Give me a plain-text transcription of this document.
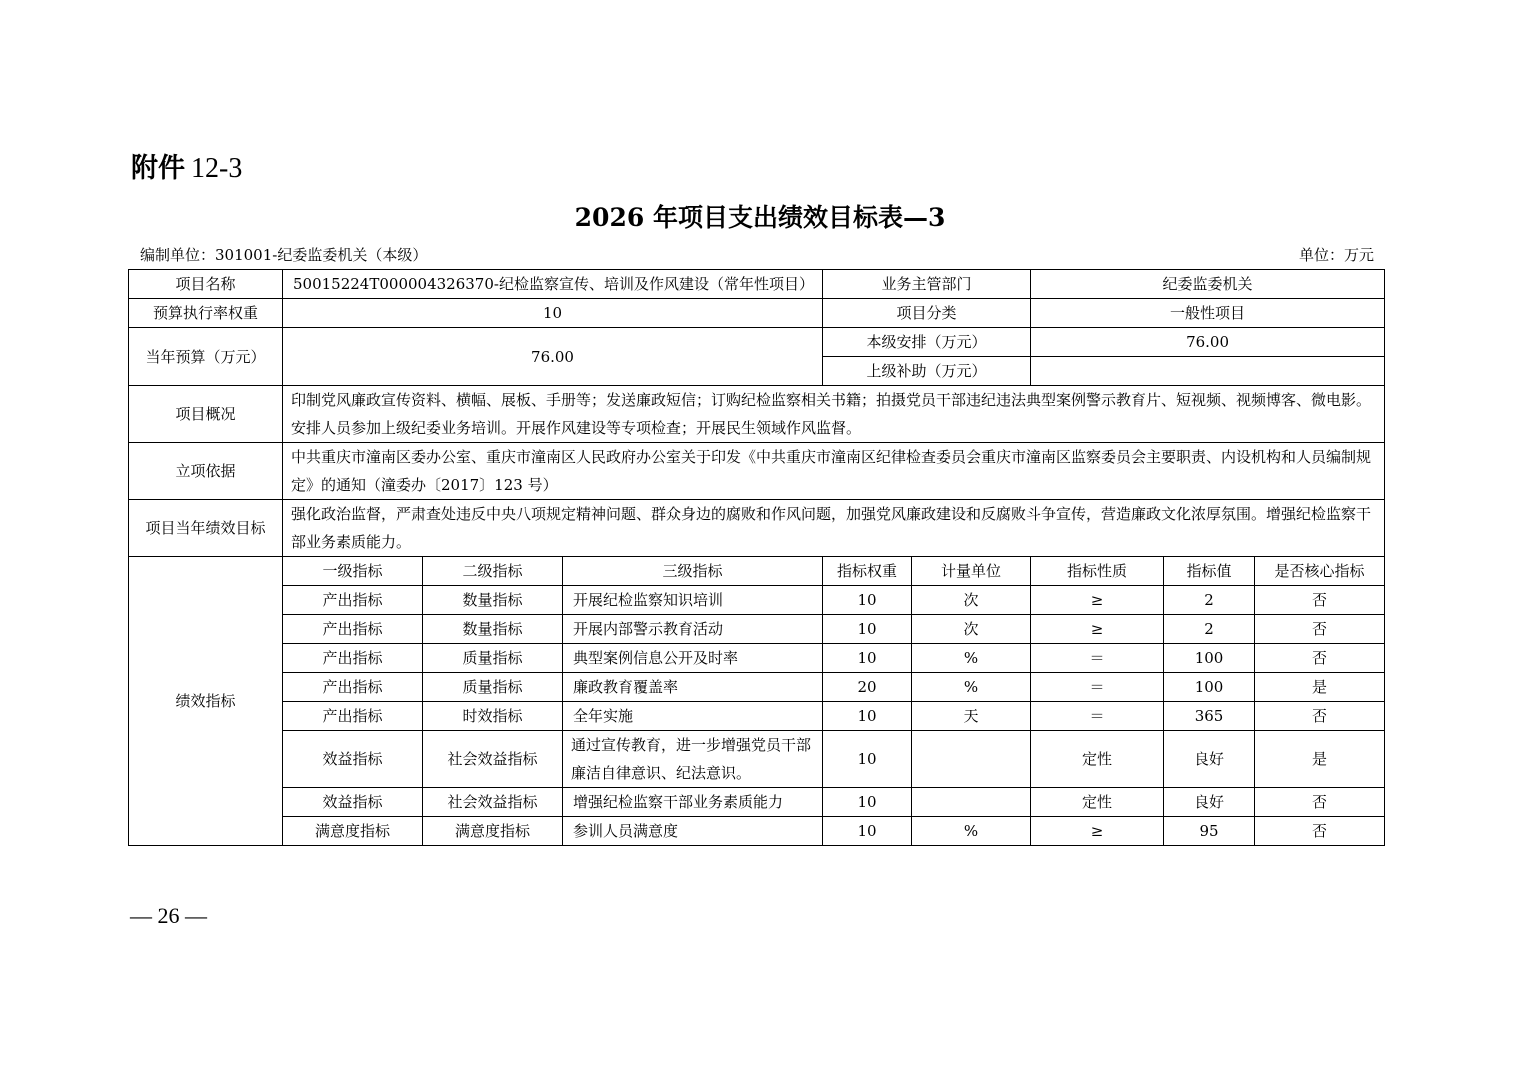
附件 12-3
2026 年项目支出绩效目标表—3
编制单位：301001-纪委监委机关（本级）	单位：万元
项目名称	50015224T000004326370-纪检监察宣传、培训及作风建设（常年性项目）			业务主管部门		纪委监委机关		
预算执行率权重	10			项目分类		一般性项目		
当年预算（万元）	76.00			本级安排（万元）		76.00		
				上级补助（万元）				
项目概况	印制党风廉政宣传资料、横幅、展板、手册等；发送廉政短信；订购纪检监察相关书籍；拍摄党员干部违纪违法典型案例警示教育片、短视频、视频博客、微电影。安排人员参加上级纪委业务培训。开展作风建设等专项检查；开展民生领域作风监督。							
立项依据	中共重庆市潼南区委办公室、重庆市潼南区人民政府办公室关于印发《中共重庆市潼南区纪律检查委员会重庆市潼南区监察委员会主要职责、内设机构和人员编制规定》的通知（潼委办〔2017〕123 号）							
项目当年绩效目标	强化政治监督，严肃查处违反中央八项规定精神问题、群众身边的腐败和作风问题，加强党风廉政建设和反腐败斗争宣传，营造廉政文化浓厚氛围。增强纪检监察干部业务素质能力。							
绩效指标	一级指标	二级指标	三级指标	指标权重	计量单位	指标性质	指标值	是否核心指标
	产出指标	数量指标	开展纪检监察知识培训	10	次	≥	2	否
	产出指标	数量指标	开展内部警示教育活动	10	次	≥	2	否
	产出指标	质量指标	典型案例信息公开及时率	10	%	＝	100	否
	产出指标	质量指标	廉政教育覆盖率	20	%	＝	100	是
	产出指标	时效指标	全年实施	10	天	＝	365	否
	效益指标	社会效益指标	通过宣传教育，进一步增强党员干部廉洁自律意识、纪法意识。	10		定性	良好	是
	效益指标	社会效益指标	增强纪检监察干部业务素质能力	10		定性	良好	否
	满意度指标	满意度指标	参训人员满意度	10	%	≥	95	否
— 26 —
